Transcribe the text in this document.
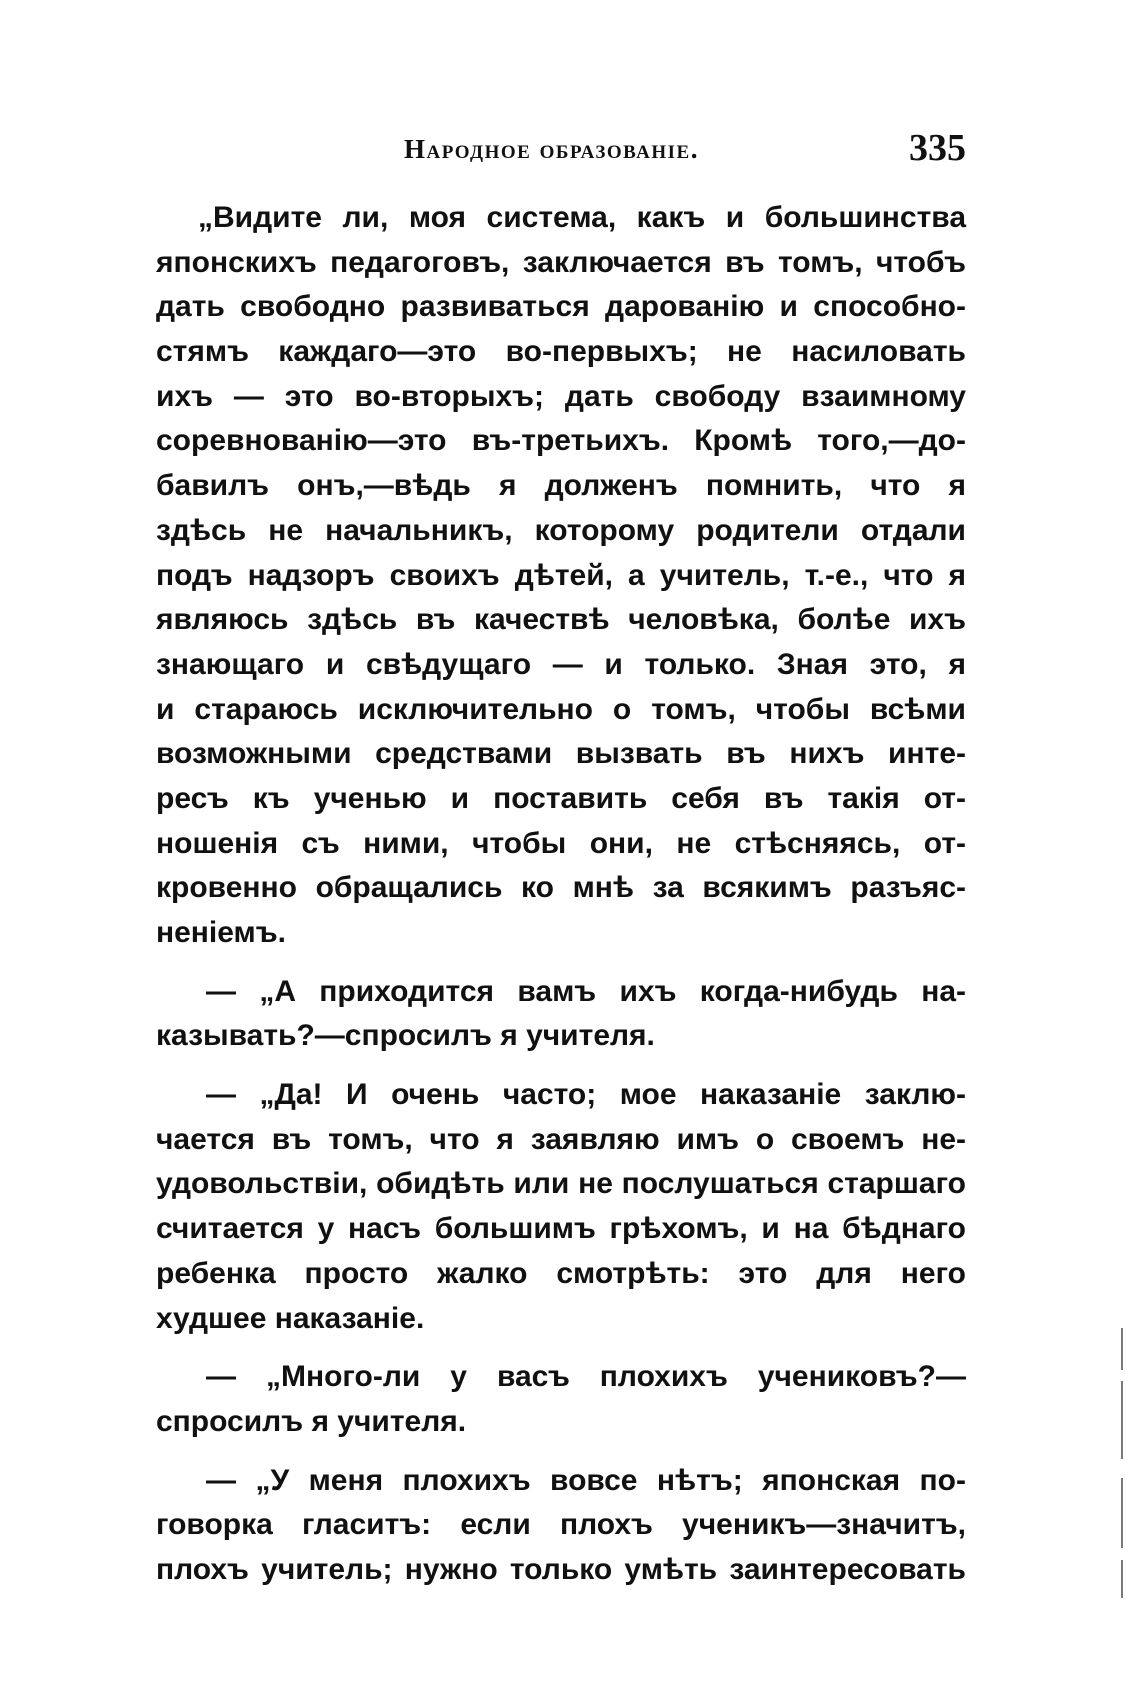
Народное образованіе.	335
„Видите ли, моя система, какъ и большинства
японскихъ педагоговъ, заключается въ томъ, чтобъ
дать свободно развиваться дарованію и способно-
стямъ каждаго—это во-первыхъ; не насиловать
ихъ — это во-вторыхъ; дать свободу взаимному
соревнованію—это въ-третьихъ. Кромѣ того,—до-
бавилъ онъ,—вѣдь я долженъ помнить, что я
здѣсь не начальникъ, которому родители отдали
подъ надзоръ своихъ дѣтей, а учитель, т.-е., что я
являюсь здѣсь въ качествѣ человѣка, болѣе ихъ
знающаго и свѣдущаго — и только. Зная это, я
и стараюсь исключительно о томъ, чтобы всѣми
возможными средствами вызвать въ нихъ инте-
ресъ къ ученью и поставить себя въ такія от-
ношенія съ ними, чтобы они, не стѣсняясь, от-
кровенно обращались ко мнѣ за всякимъ разъяс-
неніемъ.
— „А приходится вамъ ихъ когда-нибудь на-
казывать?—спросилъ я учителя.
— „Да! И очень часто; мое наказаніе заклю-
чается въ томъ, что я заявляю имъ о своемъ не-
удовольствіи, обидѣть или не послушаться старшаго
считается у насъ большимъ грѣхомъ, и на бѣднаго
ребенка просто жалко смотрѣть: это для него
худшее наказаніе.
— „Много-ли у васъ плохихъ учениковъ?—
спросилъ я учителя.
— „У меня плохихъ вовсе нѣтъ; японская по-
говорка гласитъ: если плохъ ученикъ—значитъ,
плохъ учитель; нужно только умѣть заинтересовать
